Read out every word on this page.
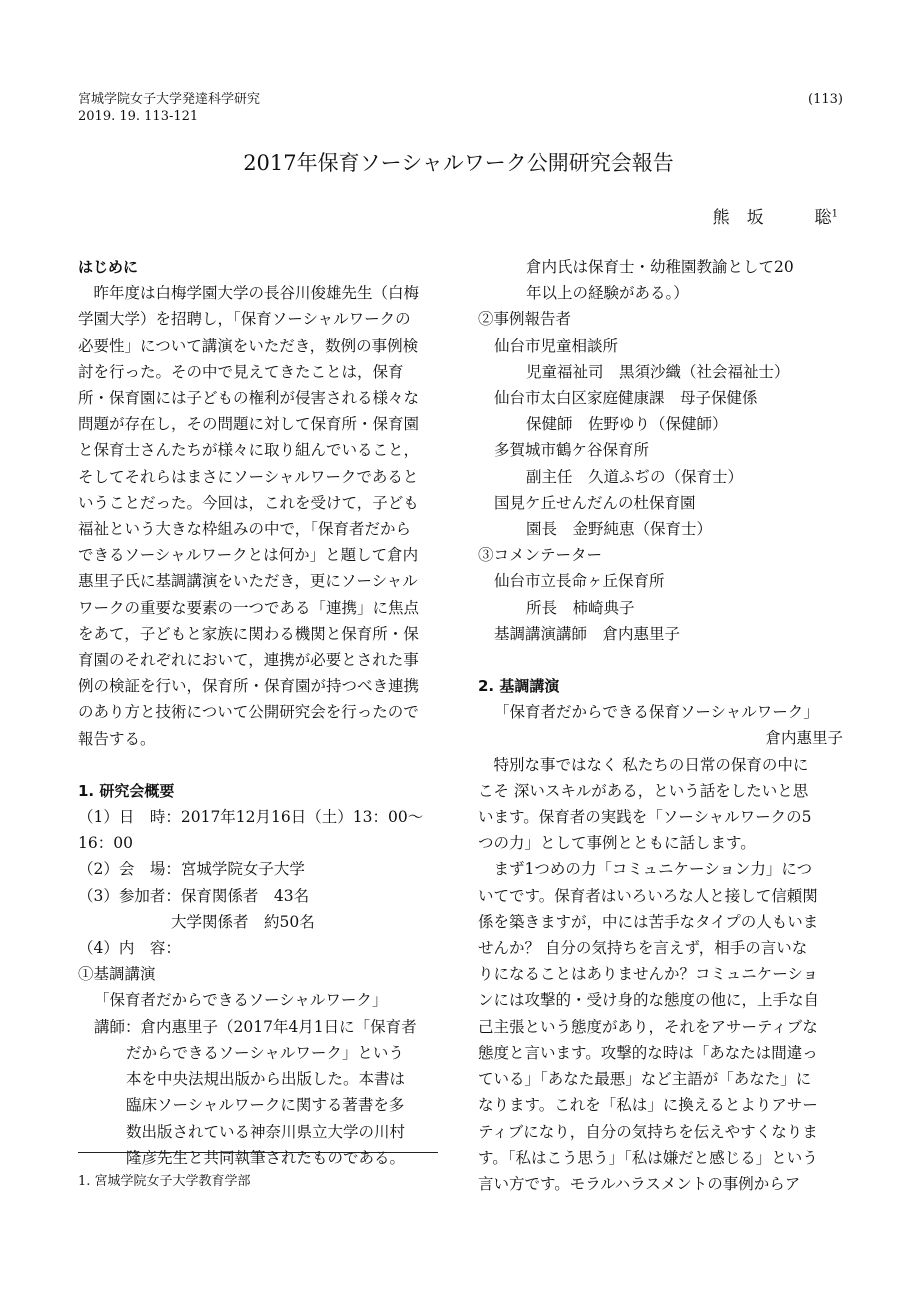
宮城学院女子大学発達科学研究
2019. 19. 113-121
(113)
2017年保育ソーシャルワーク公開研究会報告
熊　坂　　　聡$^1$

はじめに

　昨年度は白梅学園大学の長谷川俊雄先生（白梅

学園大学）を招聘し，「保育ソーシャルワークの

必要性」について講演をいただき，数例の事例検

討を行った。その中で見えてきたことは，保育

所・保育園には子どもの権利が侵害される様々な

問題が存在し，その問題に対して保育所・保育園

と保育士さんたちが様々に取り組んでいること，

そしてそれらはまさにソーシャルワークであると

いうことだった。今回は，これを受けて，子ども

福祉という大きな枠組みの中で，「保育者だから

できるソーシャルワークとは何か」と題して倉内

惠里子氏に基調講演をいただき，更にソーシャル

ワークの重要な要素の一つである「連携」に焦点

をあて，子どもと家族に関わる機関と保育所・保

育園のそれぞれにおいて，連携が必要とされた事

例の検証を行い，保育所・保育園が持つべき連携

のあり方と技術について公開研究会を行ったので

報告する。

1. 研究会概要

（1）日　時：2017年12月16日（土）13：00～16：00

（2）会　場：宮城学院女子大学

（3）参加者：保育関係者　43名

　　　　　　大学関係者　約50名

（4）内　容：

①基調講演

「保育者だからできるソーシャルワーク」

講師：倉内惠里子（2017年4月1日に「保育者

だからできるソーシャルワーク」という

本を中央法規出版から出版した。本書は

臨床ソーシャルワークに関する著書を多

数出版されている神奈川県立大学の川村

隆彦先生と共同執筆されたものである。

倉内氏は保育士・幼稚園教諭として20

年以上の経験がある。）

②事例報告者

仙台市児童相談所

児童福祉司　黒須沙織（社会福祉士）

仙台市太白区家庭健康課　母子保健係

保健師　佐野ゆり（保健師）

多賀城市鶴ケ谷保育所

副主任　久道ふぢの（保育士）

国見ケ丘せんだんの杜保育園

園長　金野純恵（保育士）

③コメンテーター

仙台市立長命ヶ丘保育所

所長　柿崎典子

基調講演講師　倉内惠里子

2. 基調講演

「保育者だからできる保育ソーシャルワーク」

倉内惠里子

　特別な事ではなく 私たちの日常の保育の中に

こそ 深いスキルがある，という話をしたいと思

います。保育者の実践を「ソーシャルワークの5

つの力」として事例とともに話します。

　まず1つめの力「コミュニケーション力」につ

いてです。保育者はいろいろな人と接して信頼関

係を築きますが，中には苦手なタイプの人もいま

せんか？ 自分の気持ちを言えず，相手の言いな

りになることはありませんか？コミュニケーショ

ンには攻撃的・受け身的な態度の他に，上手な自

己主張という態度があり，それをアサーティブな

態度と言います。攻撃的な時は「あなたは間違っ

ている」「あなた最悪」など主語が「あなた」に

なります。これを「私は」に換えるとよりアサー

ティブになり，自分の気持ちを伝えやすくなりま

す。「私はこう思う」「私は嫌だと感じる」という

言い方です。モラルハラスメントの事例からア

1. 宮城学院女子大学教育学部
